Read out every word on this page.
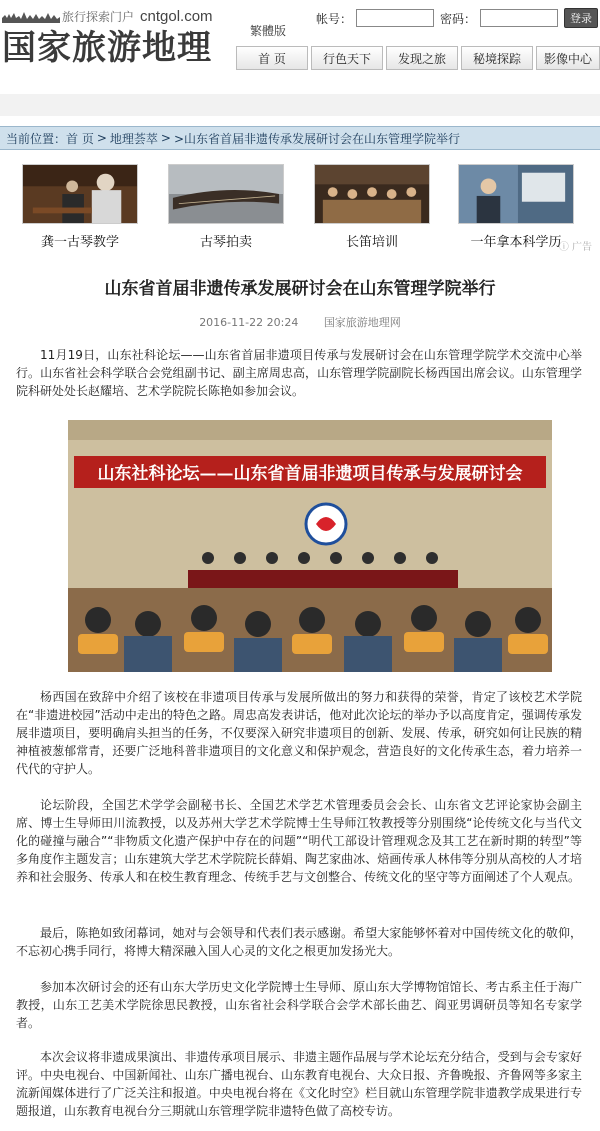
旅行探索门户 cntgol.com
国家旅游地理	繁體版
帐号：	密码：	登录
首 页	行色天下	发现之旅	秘境探踪	影像中心
当前位置： 首 页 > 地理荟萃 > >山东省首届非遗传承发展研讨会在山东管理学院举行
龚一古琴教学	古琴拍卖	长笛培训	一年拿本科学历
ⓘ 广告
山东省首届非遗传承发展研讨会在山东管理学院举行
2016-11-22 20:24 国家旅游地理网

11月19日，山东社科论坛——山东省首届非遗项目传承与发展研讨会在山东管理学院学术交流中心举行。山东省社会科学联合会党组副书记、副主席周忠高，山东管理学院副院长杨西国出席会议。山东管理学院科研处处长赵耀培、艺术学院院长陈艳如参加会议。

山东社科论坛——山东省首届非遗项目传承与发展研讨会

杨西国在致辞中介绍了该校在非遗项目传承与发展所做出的努力和获得的荣誉，肯定了该校艺术学院在“非遗进校园”活动中走出的特色之路。周忠高发表讲话，他对此次论坛的举办予以高度肯定，强调传承发展非遗项目，要明确肩头担当的任务，不仅要深入研究非遗项目的创新、发展、传承，研究如何让民族的精神植被葱郁常青，还要广泛地科普非遗项目的文化意义和保护观念，营造良好的文化传承生态，着力培养一代代的守护人。

论坛阶段，全国艺术学学会副秘书长、全国艺术学艺术管理委员会会长、山东省文艺评论家协会副主席、博士生导师田川流教授，以及苏州大学艺术学院博士生导师江牧教授等分别围绕“论传统文化与当代文化的碰撞与融合”“非物质文化遗产保护中存在的问题”“明代工部设计管理观念及其工艺在新时期的转型”等多角度作主题发言；山东建筑大学艺术学院院长薛娟、陶艺家曲冰、焙画传承人林伟等分别从高校的人才培养和社会服务、传承人和在校生教育理念、传统手艺与文创整合、传统文化的坚守等方面阐述了个人观点。

最后，陈艳如致闭幕词，她对与会领导和代表们表示感谢。希望大家能够怀着对中国传统文化的敬仰，不忘初心携手同行，将博大精深融入国人心灵的文化之根更加发扬光大。

参加本次研讨会的还有山东大学历史文化学院博士生导师、原山东大学博物馆馆长、考古系主任于海广教授，山东工艺美术学院徐思民教授，山东省社会科学联合会学术部长曲艺、阎亚男调研员等知名专家学者。

本次会议将非遗成果演出、非遗传承项目展示、非遗主题作品展与学术论坛充分结合，受到与会专家好评。中央电视台、中国新闻社、山东广播电视台、山东教育电视台、大众日报、齐鲁晚报、齐鲁网等多家主流新闻媒体进行了广泛关注和报道。中央电视台将在《文化时空》栏目就山东管理学院非遗教学成果进行专题报道，山东教育电视台分三期就山东管理学院非遗特色做了高校专访。
